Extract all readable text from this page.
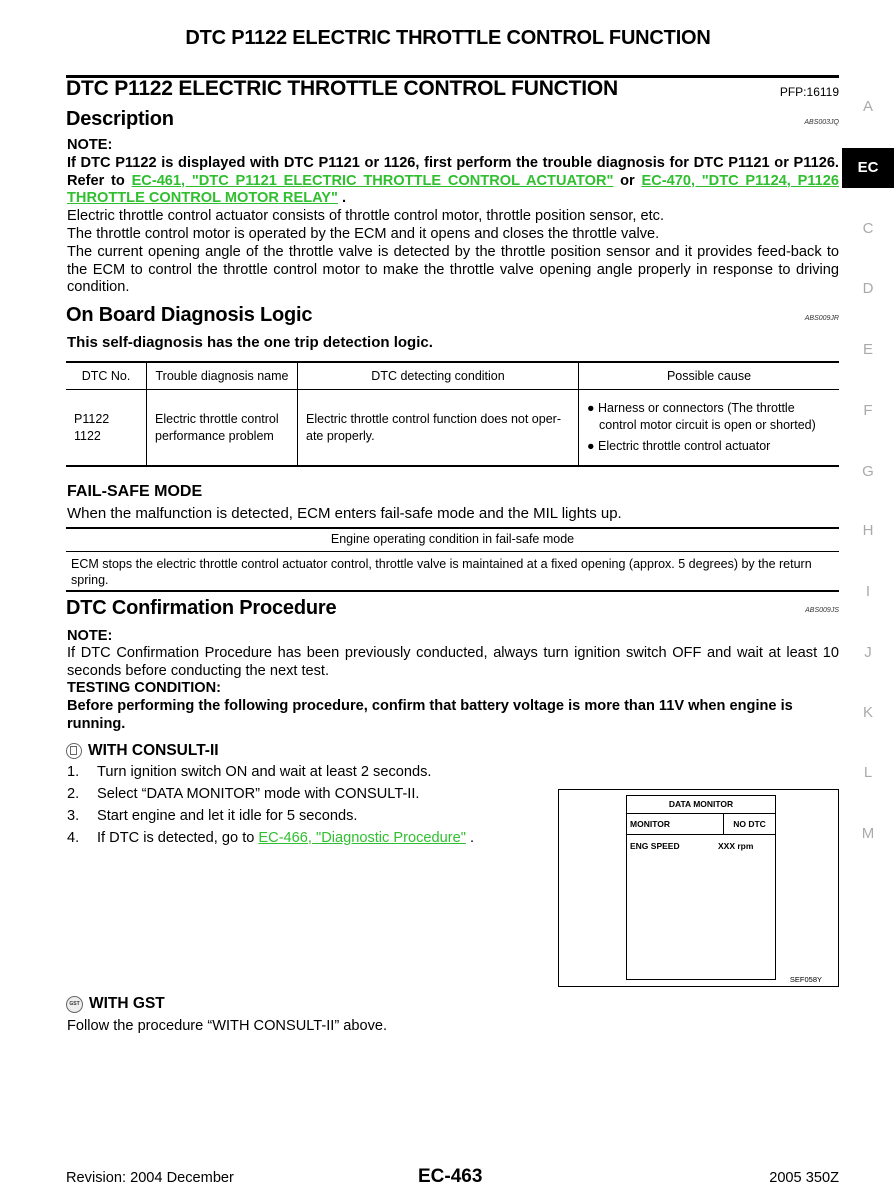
DTC P1122 ELECTRIC THROTTLE CONTROL FUNCTION
DTC P1122 ELECTRIC THROTTLE CONTROL FUNCTION	PFP:16119
A
EC
C
D
E
F
G
H
I
J
K
L
M
Description	ABS003JQ
NOTE:
If DTC P1122 is displayed with DTC P1121 or 1126, first perform the trouble diagnosis for DTC P1121 or P1126. Refer to EC-461, "DTC P1121 ELECTRIC THROTTLE CONTROL ACTUATOR" or EC-470, "DTC P1124, P1126 THROTTLE CONTROL MOTOR RELAY" .
Electric throttle control actuator consists of throttle control motor, throttle position sensor, etc.
The throttle control motor is operated by the ECM and it opens and closes the throttle valve.
The current opening angle of the throttle valve is detected by the throttle position sensor and it provides feed-back to the ECM to control the throttle control motor to make the throttle valve opening angle properly in response to driving condition.
On Board Diagnosis Logic	ABS009JR
This self-diagnosis has the one trip detection logic.
DTC No.	Trouble diagnosis name	DTC detecting condition	Possible cause

P1122
1122	Electric throttle control performance problem	Electric throttle control function does not oper-ate properly.	● Harness or connectors (The throttle control motor circuit is open or shorted)
● Electric throttle control actuator
FAIL-SAFE MODE
When the malfunction is detected, ECM enters fail-safe mode and the MIL lights up.
Engine operating condition in fail-safe mode
ECM stops the electric throttle control actuator control, throttle valve is maintained at a fixed opening (approx. 5 degrees) by the return spring.
DTC Confirmation Procedure	ABS009JS
NOTE:
If DTC Confirmation Procedure has been previously conducted, always turn ignition switch OFF and wait at least 10 seconds before conducting the next test.
TESTING CONDITION:
Before performing the following procedure, confirm that battery voltage is more than 11V when engine is running.
WITH CONSULT-II
1. Turn ignition switch ON and wait at least 2 seconds.
2. Select “DATA MONITOR” mode with CONSULT-II.
3. Start engine and let it idle for 5 seconds.
4. If DTC is detected, go to EC-466, "Diagnostic Procedure" .
DATA MONITOR
MONITOR	NO DTC
ENG SPEED	XXX rpm
SEF058Y
GST WITH GST
Follow the procedure “WITH CONSULT-II” above.
Revision: 2004 December	EC-463	2005 350Z
